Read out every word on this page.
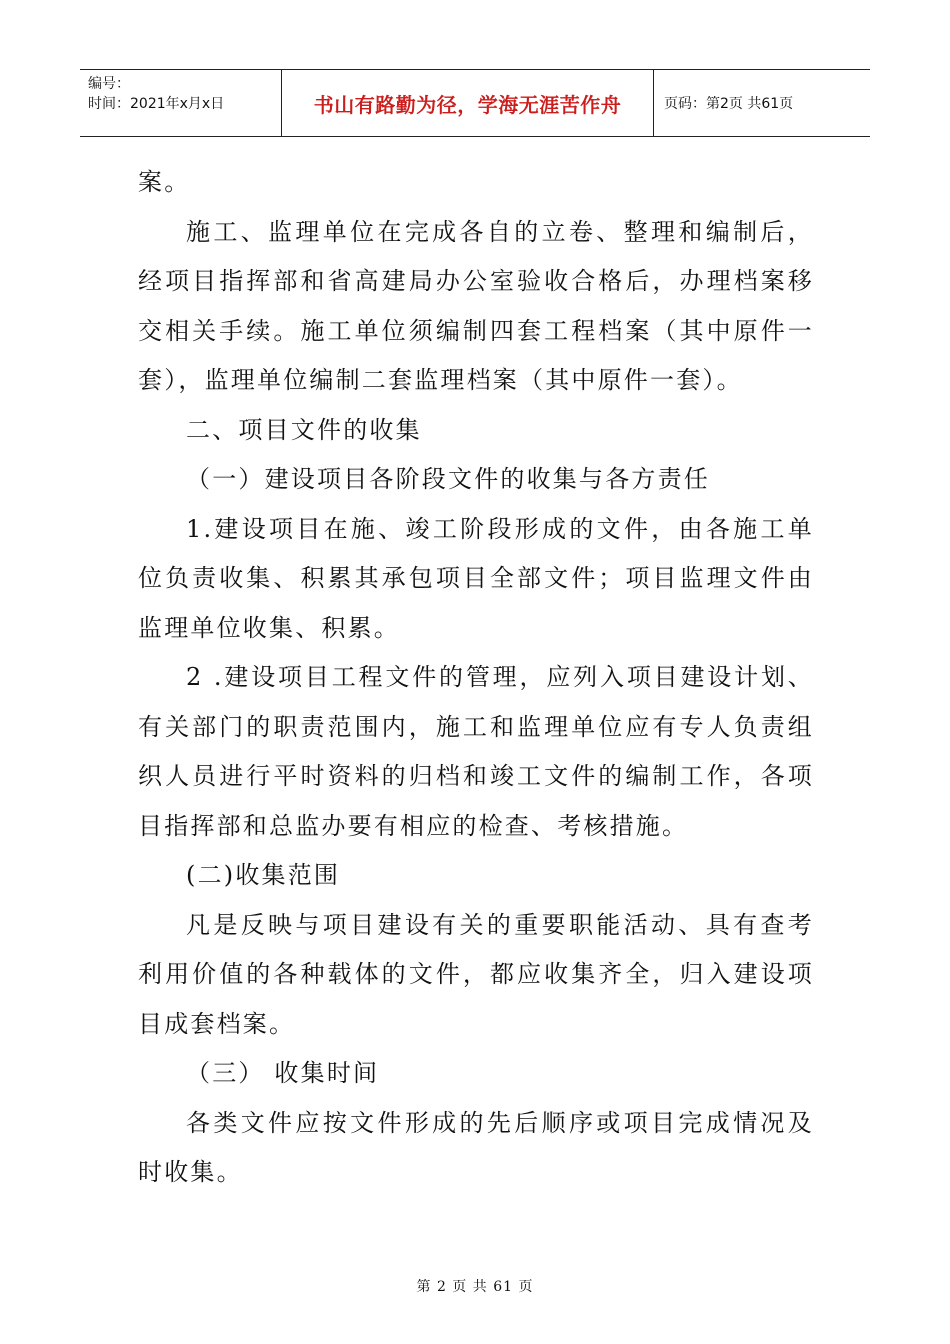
编号：
时间：2021年x月x日	书山有路勤为径，学海无涯苦作舟	页码：第2页 共61页

案。

施工、监理单位在完成各自的立卷、整理和编制后，经项目指挥部和省高建局办公室验收合格后，办理档案移交相关手续。施工单位须编制四套工程档案（其中原件一套），监理单位编制二套监理档案（其中原件一套）。

二、项目文件的收集

（一）建设项目各阶段文件的收集与各方责任

1.建设项目在施、竣工阶段形成的文件，由各施工单位负责收集、积累其承包项目全部文件；项目监理文件由监理单位收集、积累。

2 .建设项目工程文件的管理，应列入项目建设计划、有关部门的职责范围内，施工和监理单位应有专人负责组织人员进行平时资料的归档和竣工文件的编制工作，各项目指挥部和总监办要有相应的检查、考核措施。

(二)收集范围

凡是反映与项目建设有关的重要职能活动、具有查考利用价值的各种载体的文件，都应收集齐全，归入建设项目成套档案。

（三） 收集时间

各类文件应按文件形成的先后顺序或项目完成情况及时收集。

第 2 页 共 61 页
